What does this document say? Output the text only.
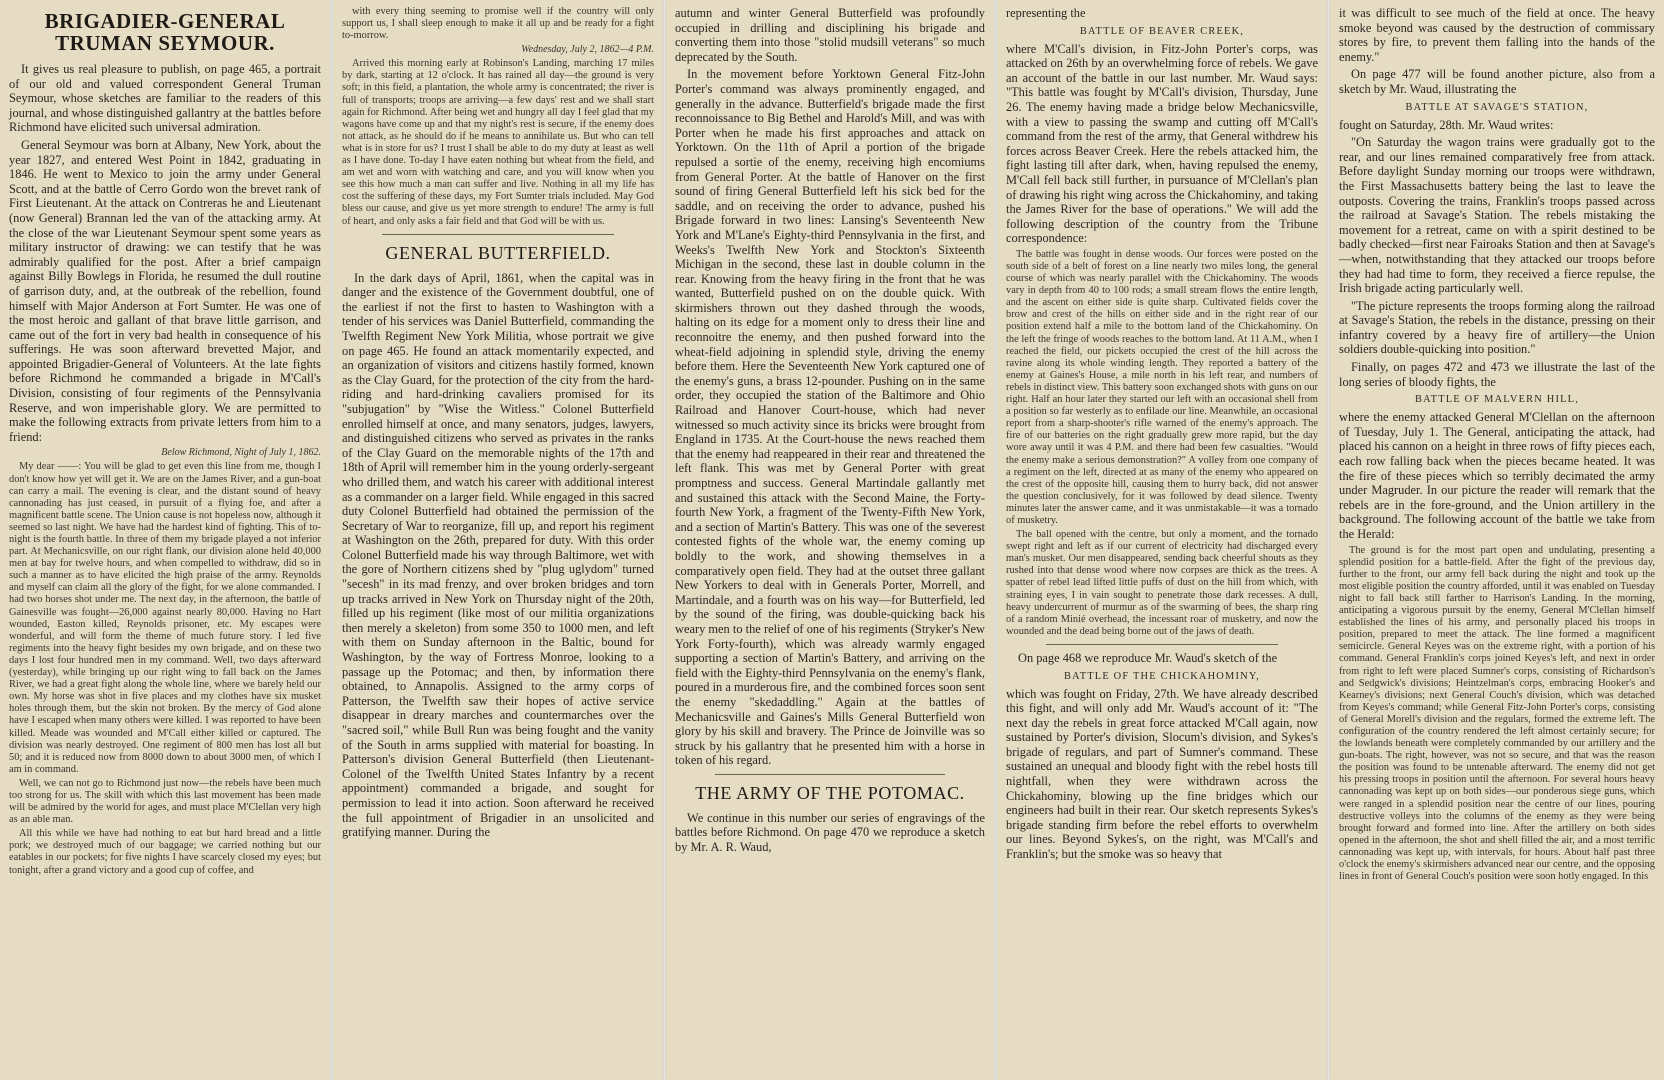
BRIGADIER-GENERAL TRUMAN SEYMOUR.

It gives us real pleasure to publish, on page 465, a portrait of our old and valued correspondent General Truman Seymour, whose sketches are familiar to the readers of this journal, and whose distinguished gallantry at the battles before Richmond have elicited such universal admiration.

General Seymour was born at Albany, New York, about the year 1827, and entered West Point in 1842, graduating in 1846. He went to Mexico to join the army under General Scott, and at the battle of Cerro Gordo won the brevet rank of First Lieutenant. At the attack on Contreras he and Lieutenant (now General) Brannan led the van of the attacking army. At the close of the war Lieutenant Seymour spent some years as military instructor of drawing: we can testify that he was admirably qualified for the post. After a brief campaign against Billy Bowlegs in Florida, he resumed the dull routine of garrison duty, and, at the outbreak of the rebellion, found himself with Major Anderson at Fort Sumter. He was one of the most heroic and gallant of that brave little garrison, and came out of the fort in very bad health in consequence of his sufferings. He was soon afterward brevetted Major, and appointed Brigadier-General of Volunteers. At the late fights before Richmond he commanded a brigade in M'Call's Division, consisting of four regiments of the Pennsylvania Reserve, and won imperishable glory. We are permitted to make the following extracts from private letters from him to a friend:

Below Richmond, Night of July 1, 1862.

My dear ——: You will be glad to get even this line from me, though I don't know how yet will get it. We are on the James River, and a gun-boat can carry a mail. The evening is clear, and the distant sound of heavy cannonading has just ceased, in pursuit of a flying foe, and after a magnificent battle scene. The Union cause is not hopeless now, although it seemed so last night. We have had the hardest kind of fighting. This of to-night is the fourth battle. In three of them my brigade played a not inferior part. At Mechanicsville, on our right flank, our division alone held 40,000 men at bay for twelve hours, and when compelled to withdraw, did so in such a manner as to have elicited the high praise of the army. Reynolds and myself can claim all the glory of the fight, for we alone commanded. I had two horses shot under me. The next day, in the afternoon, the battle of Gainesville was fought—26,000 against nearly 80,000. Having no Hart wounded, Easton killed, Reynolds prisoner, etc. My escapes were wonderful, and will form the theme of much future story. I led five regiments into the heavy fight besides my own brigade, and on these two days I lost four hundred men in my command. Well, two days afterward (yesterday), while bringing up our right wing to fall back on the James River, we had a great fight along the whole line, where we barely held our own. My horse was shot in five places and my clothes have six musket holes through them, but the skin not broken. By the mercy of God alone have I escaped when many others were killed. I was reported to have been killed. Meade was wounded and M'Call either killed or captured. The division was nearly destroyed. One regiment of 800 men has lost all but 50; and it is reduced now from 8000 down to about 3000 men, of which I am in command.

Well, we can not go to Richmond just now—the rebels have been much too strong for us. The skill with which this last movement has been made will be admired by the world for ages, and must place M'Clellan very high as an able man.

All this while we have had nothing to eat but hard bread and a little pork; we destroyed much of our baggage; we carried nothing but our eatables in our pockets; for five nights I have scarcely closed my eyes; but tonight, after a grand victory and a good cup of coffee, and

with every thing seeming to promise well if the country will only support us, I shall sleep enough to make it all up and be ready for a fight to-morrow.

Wednesday, July 2, 1862—4 P.M.

Arrived this morning early at Robinson's Landing, marching 17 miles by dark, starting at 12 o'clock. It has rained all day—the ground is very soft; in this field, a plantation, the whole army is concentrated; the river is full of transports; troops are arriving—a few days' rest and we shall start again for Richmond. After being wet and hungry all day I feel glad that my wagons have come up and that my night's rest is secure, if the enemy does not attack, as he should do if he means to annihilate us. But who can tell what is in store for us? I trust I shall be able to do my duty at least as well as I have done. To-day I have eaten nothing but wheat from the field, and am wet and worn with watching and care, and you will know when you see this how much a man can suffer and live. Nothing in all my life has cost the suffering of these days, my Fort Sumter trials included. May God bless our cause, and give us yet more strength to endure! The army is full of heart, and only asks a fair field and that God will be with us.

GENERAL BUTTERFIELD.

In the dark days of April, 1861, when the capital was in danger and the existence of the Government doubtful, one of the earliest if not the first to hasten to Washington with a tender of his services was Daniel Butterfield, commanding the Twelfth Regiment New York Militia, whose portrait we give on page 465. He found an attack momentarily expected, and an organization of visitors and citizens hastily formed, known as the Clay Guard, for the protection of the city from the hard-riding and hard-drinking cavaliers promised for its "subjugation" by "Wise the Witless." Colonel Butterfield enrolled himself at once, and many senators, judges, lawyers, and distinguished citizens who served as privates in the ranks of the Clay Guard on the memorable nights of the 17th and 18th of April will remember him in the young orderly-sergeant who drilled them, and watch his career with additional interest as a commander on a larger field. While engaged in this sacred duty Colonel Butterfield had obtained the permission of the Secretary of War to reorganize, fill up, and report his regiment at Washington on the 26th, prepared for duty. With this order Colonel Butterfield made his way through Baltimore, wet with the gore of Northern citizens shed by "plug uglydom" turned "secesh" in its mad frenzy, and over broken bridges and torn up tracks arrived in New York on Thursday night of the 20th, filled up his regiment (like most of our militia organizations then merely a skeleton) from some 350 to 1000 men, and left with them on Sunday afternoon in the Baltic, bound for Washington, by the way of Fortress Monroe, looking to a passage up the Potomac; and then, by information there obtained, to Annapolis. Assigned to the army corps of Patterson, the Twelfth saw their hopes of active service disappear in dreary marches and countermarches over the "sacred soil," while Bull Run was being fought and the vanity of the South in arms supplied with material for boasting. In Patterson's division General Butterfield (then Lieutenant-Colonel of the Twelfth United States Infantry by a recent appointment) commanded a brigade, and sought for permission to lead it into action. Soon afterward he received the full appointment of Brigadier in an unsolicited and gratifying manner. During the

autumn and winter General Butterfield was profoundly occupied in drilling and disciplining his brigade and converting them into those "stolid mudsill veterans" so much deprecated by the South.

In the movement before Yorktown General Fitz-John Porter's command was always prominently engaged, and generally in the advance. Butterfield's brigade made the first reconnoissance to Big Bethel and Harold's Mill, and was with Porter when he made his first approaches and attack on Yorktown. On the 11th of April a portion of the brigade repulsed a sortie of the enemy, receiving high encomiums from General Porter. At the battle of Hanover on the first sound of firing General Butterfield left his sick bed for the saddle, and on receiving the order to advance, pushed his Brigade forward in two lines: Lansing's Seventeenth New York and M'Lane's Eighty-third Pennsylvania in the first, and Weeks's Twelfth New York and Stockton's Sixteenth Michigan in the second, these last in double column in the rear. Knowing from the heavy firing in the front that he was wanted, Butterfield pushed on on the double quick. With skirmishers thrown out they dashed through the woods, halting on its edge for a moment only to dress their line and reconnoitre the enemy, and then pushed forward into the wheat-field adjoining in splendid style, driving the enemy before them. Here the Seventeenth New York captured one of the enemy's guns, a brass 12-pounder. Pushing on in the same order, they occupied the station of the Baltimore and Ohio Railroad and Hanover Court-house, which had never witnessed so much activity since its bricks were brought from England in 1735. At the Court-house the news reached them that the enemy had reappeared in their rear and threatened the left flank. This was met by General Porter with great promptness and success. General Martindale gallantly met and sustained this attack with the Second Maine, the Forty-fourth New York, a fragment of the Twenty-Fifth New York, and a section of Martin's Battery. This was one of the severest contested fights of the whole war, the enemy coming up boldly to the work, and showing themselves in a comparatively open field. They had at the outset three gallant New Yorkers to deal with in Generals Porter, Morrell, and Martindale, and a fourth was on his way—for Butterfield, led by the sound of the firing, was double-quicking back his weary men to the relief of one of his regiments (Stryker's New York Forty-fourth), which was already warmly engaged supporting a section of Martin's Battery, and arriving on the field with the Eighty-third Pennsylvania on the enemy's flank, poured in a murderous fire, and the combined forces soon sent the enemy "skedaddling." Again at the battles of Mechanicsville and Gaines's Mills General Butterfield won glory by his skill and bravery. The Prince de Joinville was so struck by his gallantry that he presented him with a horse in token of his regard.

THE ARMY OF THE POTOMAC.

We continue in this number our series of engravings of the battles before Richmond. On page 470 we reproduce a sketch by Mr. A. R. Waud,

representing the

BATTLE OF BEAVER CREEK,

where M'Call's division, in Fitz-John Porter's corps, was attacked on 26th by an overwhelming force of rebels. We gave an account of the battle in our last number. Mr. Waud says: "This battle was fought by M'Call's division, Thursday, June 26. The enemy having made a bridge below Mechanicsville, with a view to passing the swamp and cutting off M'Call's command from the rest of the army, that General withdrew his forces across Beaver Creek. Here the rebels attacked him, the fight lasting till after dark, when, having repulsed the enemy, M'Call fell back still further, in pursuance of M'Clellan's plan of drawing his right wing across the Chickahominy, and taking the James River for the base of operations." We will add the following description of the country from the Tribune correspondence:

The battle was fought in dense woods. Our forces were posted on the south side of a belt of forest on a line nearly two miles long, the general course of which was nearly parallel with the Chickahominy. The woods vary in depth from 40 to 100 rods; a small stream flows the entire length, and the ascent on either side is quite sharp. Cultivated fields cover the brow and crest of the hills on either side and in the right rear of our position extend half a mile to the bottom land of the Chickahominy. On the left the fringe of woods reaches to the bottom land. At 11 A.M., when I reached the field, our pickets occupied the crest of the hill across the ravine along its whole winding length. They reported a battery of the enemy at Gaines's House, a mile north in his left rear, and numbers of rebels in distinct view. This battery soon exchanged shots with guns on our right. Half an hour later they started our left with an occasional shell from a position so far westerly as to enfilade our line. Meanwhile, an occasional report from a sharp-shooter's rifle warned of the enemy's approach. The fire of our batteries on the right gradually grew more rapid, but the day wore away until it was 4 P.M. and there had been few casualties. "Would the enemy make a serious demonstration?" A volley from one company of a regiment on the left, directed at as many of the enemy who appeared on the crest of the opposite hill, causing them to hurry back, did not answer the question conclusively, for it was followed by dead silence. Twenty minutes later the answer came, and it was unmistakable—it was a tornado of musketry.

The ball opened with the centre, but only a moment, and the tornado swept right and left as if our current of electricity had discharged every man's musket. Our men disappeared, sending back cheerful shouts as they rushed into that dense wood where now corpses are thick as the trees. A spatter of rebel lead lifted little puffs of dust on the hill from which, with straining eyes, I in vain sought to penetrate those dark recesses. A dull, heavy undercurrent of murmur as of the swarming of bees, the sharp ring of a random Minié overhead, the incessant roar of musketry, and now the wounded and the dead being borne out of the jaws of death.

On page 468 we reproduce Mr. Waud's sketch of the

BATTLE OF THE CHICKAHOMINY,

which was fought on Friday, 27th. We have already described this fight, and will only add Mr. Waud's account of it: "The next day the rebels in great force attacked M'Call again, now sustained by Porter's division, Slocum's division, and Sykes's brigade of regulars, and part of Sumner's command. These sustained an unequal and bloody fight with the rebel hosts till nightfall, when they were withdrawn across the Chickahominy, blowing up the fine bridges which our engineers had built in their rear. Our sketch represents Sykes's brigade standing firm before the rebel efforts to overwhelm our lines. Beyond Sykes's, on the right, was M'Call's and Franklin's; but the smoke was so heavy that

it was difficult to see much of the field at once. The heavy smoke beyond was caused by the destruction of commissary stores by fire, to prevent them falling into the hands of the enemy."

On page 477 will be found another picture, also from a sketch by Mr. Waud, illustrating the

BATTLE AT SAVAGE'S STATION,

fought on Saturday, 28th. Mr. Waud writes:

"On Saturday the wagon trains were gradually got to the rear, and our lines remained comparatively free from attack. Before daylight Sunday morning our troops were withdrawn, the First Massachusetts battery being the last to leave the outposts. Covering the trains, Franklin's troops passed across the railroad at Savage's Station. The rebels mistaking the movement for a retreat, came on with a spirit destined to be badly checked—first near Fairoaks Station and then at Savage's—when, notwithstanding that they attacked our troops before they had had time to form, they received a fierce repulse, the Irish brigade acting particularly well.

"The picture represents the troops forming along the railroad at Savage's Station, the rebels in the distance, pressing on their infantry covered by a heavy fire of artillery—the Union soldiers double-quicking into position."

Finally, on pages 472 and 473 we illustrate the last of the long series of bloody fights, the

BATTLE OF MALVERN HILL,

where the enemy attacked General M'Clellan on the afternoon of Tuesday, July 1. The General, anticipating the attack, had placed his cannon on a height in three rows of fifty pieces each, each row falling back when the pieces became heated. It was the fire of these pieces which so terribly decimated the army under Magruder. In our picture the reader will remark that the rebels are in the fore-ground, and the Union artillery in the background. The following account of the battle we take from the Herald:

The ground is for the most part open and undulating, presenting a splendid position for a battle-field. After the fight of the previous day, further to the front, our army fell back during the night and took up the most eligible position the country afforded, until it was enabled on Tuesday night to fall back still farther to Harrison's Landing. In the morning, anticipating a vigorous pursuit by the enemy, General M'Clellan himself established the lines of his army, and personally placed his troops in position, prepared to meet the attack. The line formed a magnificent semicircle. General Keyes was on the extreme right, with a portion of his command. General Franklin's corps joined Keyes's left, and next in order from right to left were placed Sumner's corps, consisting of Richardson's and Sedgwick's divisions; Heintzelman's corps, embracing Hooker's and Kearney's divisions; next General Couch's division, which was detached from Keyes's command; while General Fitz-John Porter's corps, consisting of General Morell's division and the regulars, formed the extreme left. The configuration of the country rendered the left almost certainly secure; for the lowlands beneath were completely commanded by our artillery and the gun-boats. The right, however, was not so secure, and that was the reason the position was found to be untenable afterward. The enemy did not get his pressing troops in position until the afternoon. For several hours heavy cannonading was kept up on both sides—our ponderous siege guns, which were ranged in a splendid position near the centre of our lines, pouring destructive volleys into the columns of the enemy as they were being brought forward and formed into line. After the artillery on both sides opened in the afternoon, the shot and shell filled the air, and a most terrific cannonading was kept up, with intervals, for hours. About half past three o'clock the enemy's skirmishers advanced near our centre, and the opposing lines in front of General Couch's position were soon hotly engaged. In this
